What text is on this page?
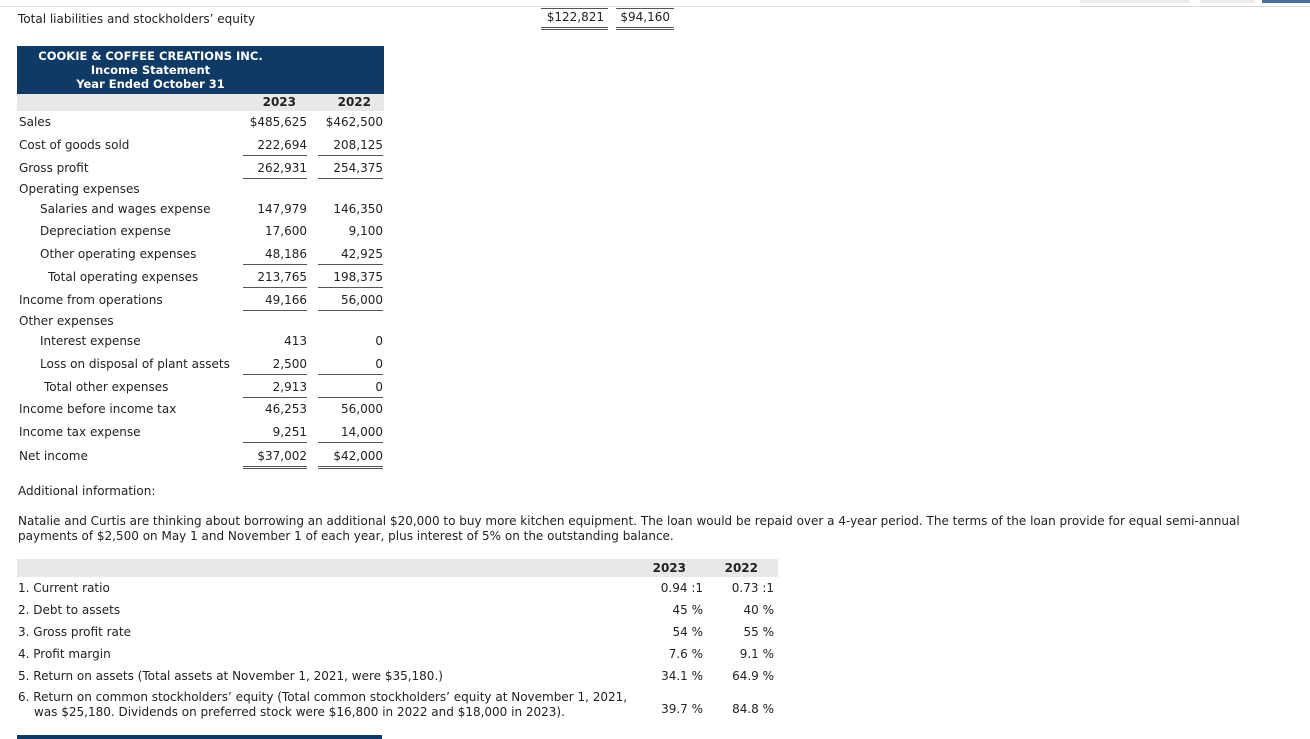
Total liabilities and stockholders’ equity	$122,821	$94,160
COOKIE & COFFEE CREATIONS INC.
Income Statement
Year Ended October 31
2023	2022
Sales	$485,625	$462,500
Cost of goods sold	222,694	208,125
Gross profit	262,931	254,375
Operating expenses
Salaries and wages expense	147,979	146,350
Depreciation expense	17,600	9,100
Other operating expenses	48,186	42,925
Total operating expenses	213,765	198,375
Income from operations	49,166	56,000
Other expenses
Interest expense	413	0
Loss on disposal of plant assets	2,500	0
Total other expenses	2,913	0
Income before income tax	46,253	56,000
Income tax expense	9,251	14,000
Net income	$37,002	$42,000
Additional information:
Natalie and Curtis are thinking about borrowing an additional $20,000 to buy more kitchen equipment. The loan would be repaid over a 4-year period. The terms of the loan provide for equal semi-annual
payments of $2,500 on May 1 and November 1 of each year, plus interest of 5% on the outstanding balance.
2023	2022
1. Current ratio	0.94 :1	0.73 :1
2. Debt to assets	45 %	40 %
3. Gross profit rate	54 %	55 %
4. Profit margin	7.6 %	9.1 %
5. Return on assets (Total assets at November 1, 2021, were $35,180.)	34.1 %	64.9 %
6. Return on common stockholders’ equity (Total common stockholders’ equity at November 1, 2021,
was $25,180. Dividends on preferred stock were $16,800 in 2022 and $18,000 in 2023).	39.7 %	84.8 %
